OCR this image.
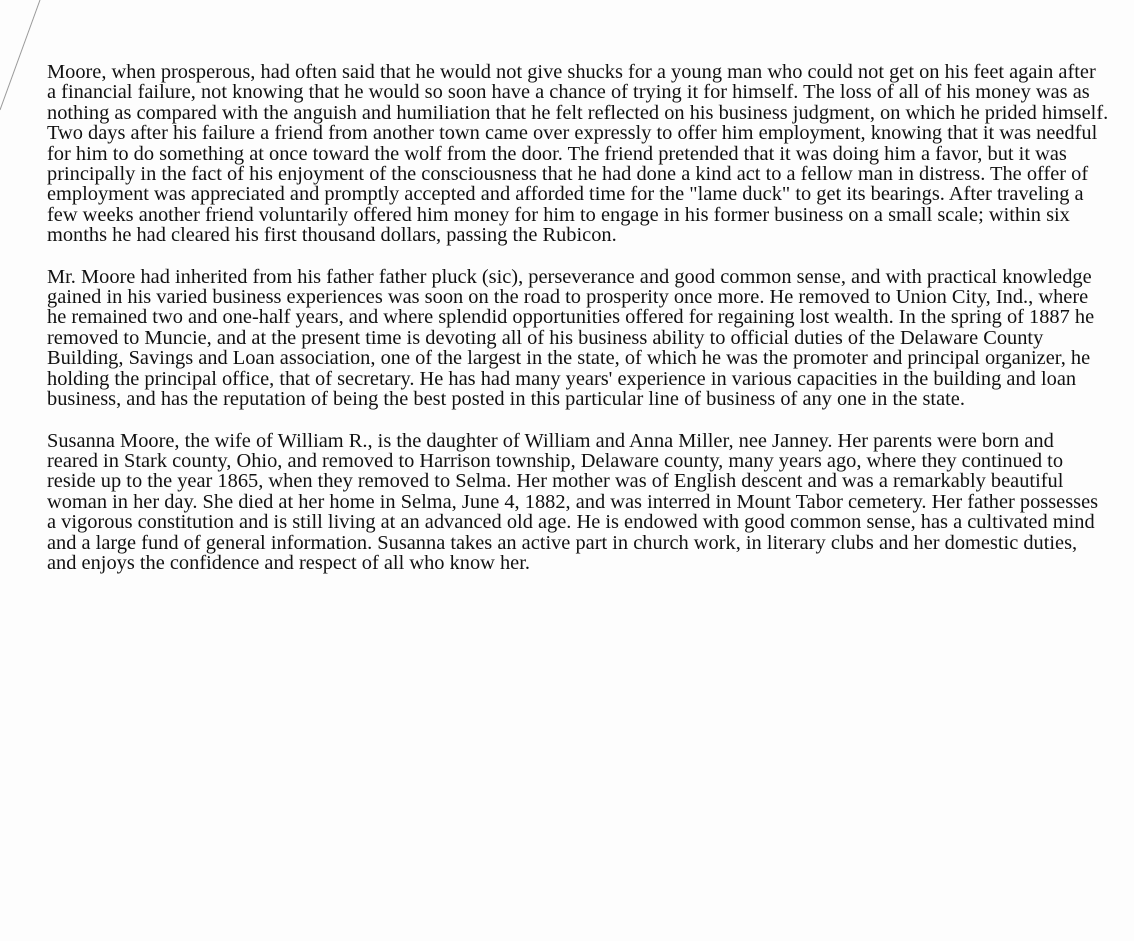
Moore, when prosperous, had often said that he would not give shucks for a young man who could not get on his feet again after a financial failure, not knowing that he would so soon have a chance of trying it for himself. The loss of all of his money was as nothing as compared with the anguish and humiliation that he felt reflected on his business judgment, on which he prided himself. Two days after his failure a friend from another town came over expressly to offer him employment, knowing that it was needful for him to do something at once toward the wolf from the door. The friend pretended that it was doing him a favor, but it was principally in the fact of his enjoyment of the consciousness that he had done a kind act to a fellow man in distress. The offer of employment was appreciated and promptly accepted and afforded time for the "lame duck" to get its bearings. After traveling a few weeks another friend voluntarily offered him money for him to engage in his former business on a small scale; within six months he had cleared his first thousand dollars, passing the Rubicon.

Mr. Moore had inherited from his father father pluck (sic), perseverance and good common sense, and with practical knowledge gained in his varied business experiences was soon on the road to prosperity once more. He removed to Union City, Ind., where he remained two and one-half years, and where splendid opportunities offered for regaining lost wealth. In the spring of 1887 he removed to Muncie, and at the present time is devoting all of his business ability to official duties of the Delaware County Building, Savings and Loan association, one of the largest in the state, of which he was the promoter and principal organizer, he holding the principal office, that of secretary. He has had many years' experience in various capacities in the building and loan business, and has the reputation of being the best posted in this particular line of business of any one in the state.

Susanna Moore, the wife of William R., is the daughter of William and Anna Miller, nee Janney. Her parents were born and reared in Stark county, Ohio, and removed to Harrison township, Delaware county, many years ago, where they continued to reside up to the year 1865, when they removed to Selma. Her mother was of English descent and was a remarkably beautiful woman in her day. She died at her home in Selma, June 4, 1882, and was interred in Mount Tabor cemetery. Her father possesses a vigorous constitution and is still living at an advanced old age. He is endowed with good common sense, has a cultivated mind and a large fund of general information. Susanna takes an active part in church work, in literary clubs and her domestic duties, and enjoys the confidence and respect of all who know her.
